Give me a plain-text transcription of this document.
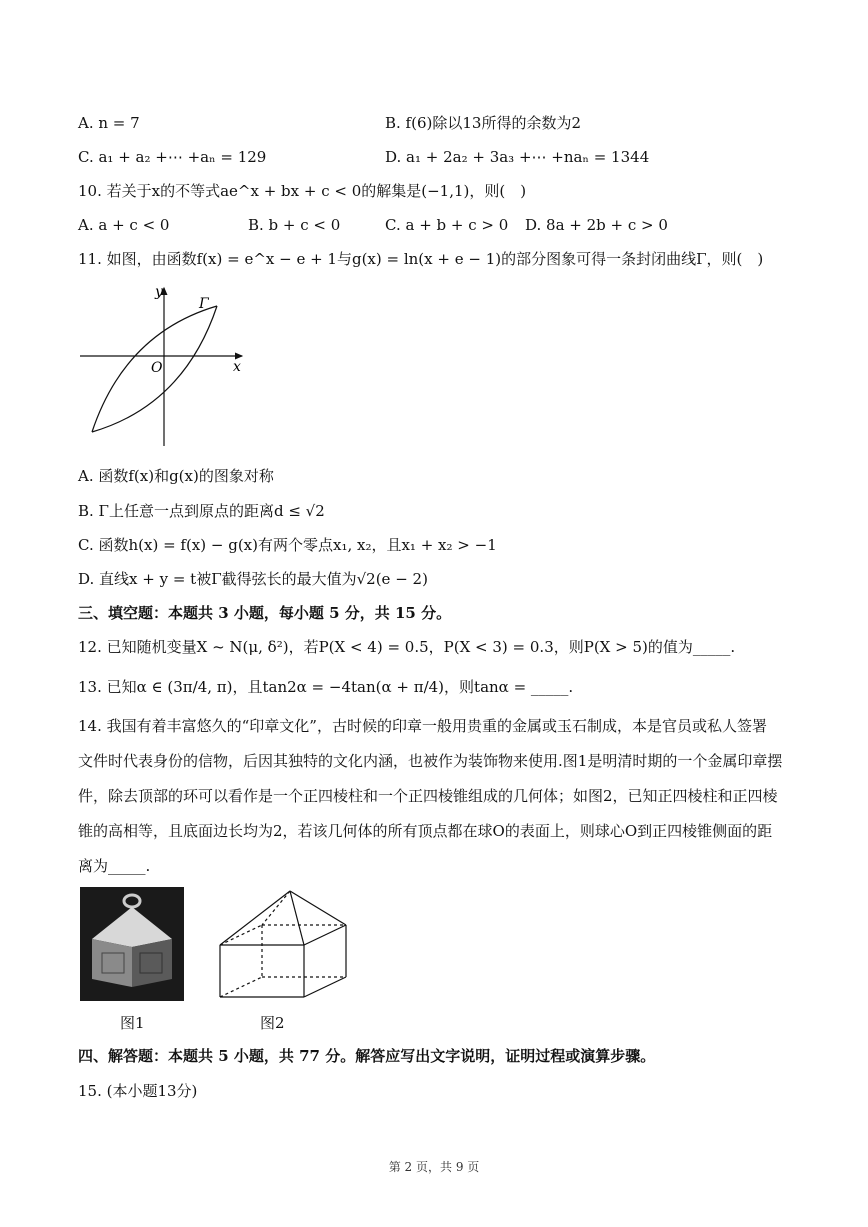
A. n = 7	B. f(6)除以13所得的余数为2
C. a₁ + a₂ +⋯ +aₙ = 129	D. a₁ + 2a₂ + 3a₃ +⋯ +naₙ = 1344
10. 若关于x的不等式ae^x + bx + c < 0的解集是(−1,1)，则(　)
A. a + c < 0	B. b + c < 0	C. a + b + c > 0 D. 8a + 2b + c > 0
11. 如图，由函数f(x) = e^x − e + 1与g(x) = ln(x + e − 1)的部分图象可得一条封闭曲线Γ，则(　)
y
x
O
Γ
A. 函数f(x)和g(x)的图象对称
B. Γ上任意一点到原点的距离d ≤ √2
C. 函数h(x) = f(x) − g(x)有两个零点x₁, x₂，且x₁ + x₂ > −1
D. 直线x + y = t被Γ截得弦长的最大值为√2(e − 2)
三、填空题：本题共 3 小题，每小题 5 分，共 15 分。
12. 已知随机变量X ~ N(μ, δ²)，若P(X < 4) = 0.5，P(X < 3) = 0.3，则P(X > 5)的值为_____.
13. 已知α ∈ (3π/4, π)，且tan2α = −4tan(α + π/4)，则tanα = _____.
14. 我国有着丰富悠久的“印章文化”，古时候的印章一般用贵重的金属或玉石制成，本是官员或私人签署
文件时代表身份的信物，后因其独特的文化内涵，也被作为装饰物来使用.图1是明清时期的一个金属印章摆
件，除去顶部的环可以看作是一个正四棱柱和一个正四棱锥组成的几何体；如图2，已知正四棱柱和正四棱
锥的高相等，且底面边长均为2，若该几何体的所有顶点都在球O的表面上，则球心O到正四棱锥侧面的距
离为_____.
图1	图2
四、解答题：本题共 5 小题，共 77 分。解答应写出文字说明，证明过程或演算步骤。
15. (本小题13分)
第 2 页，共 9 页
